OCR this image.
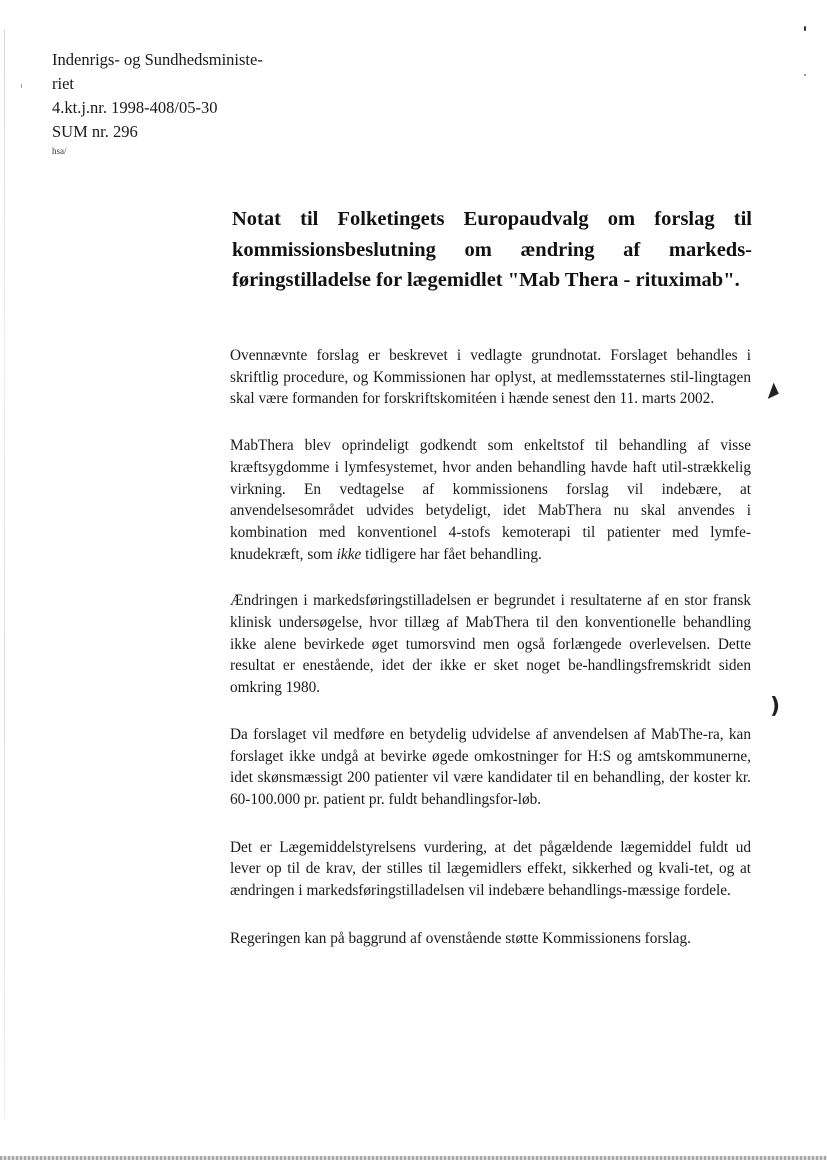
◢
)

Indenrigs- og Sundhedsministe-

riet

4.kt.j.nr. 1998-408/05-30

SUM nr. 296

hsa/
Notat til Folketingets Europaudvalg om forslag til kommissionsbeslutning om ændring af markeds-føringstilladelse for lægemidlet "Mab Thera - rituximab".

Ovennævnte forslag er beskrevet i vedlagte grundnotat. Forslaget behandles i skriftlig procedure, og Kommissionen har oplyst, at medlemsstaternes stil-lingtagen skal være formanden for forskriftskomitéen i hænde senest den 11. marts 2002.

MabThera blev oprindeligt godkendt som enkeltstof til behandling af visse kræftsygdomme i lymfesystemet, hvor anden behandling havde haft util-strækkelig virkning. En vedtagelse af kommissionens forslag vil indebære, at anvendelsesområdet udvides betydeligt, idet MabThera nu skal anvendes i kombination med konventionel 4-stofs kemoterapi til patienter med lymfe-knudekræft, som ikke tidligere har fået behandling.

Ændringen i markedsføringstilladelsen er begrundet i resultaterne af en stor fransk klinisk undersøgelse, hvor tillæg af MabThera til den konventionelle behandling ikke alene bevirkede øget tumorsvind men også forlængede overlevelsen. Dette resultat er enestående, idet der ikke er sket noget be-handlingsfremskridt siden omkring 1980.

Da forslaget vil medføre en betydelig udvidelse af anvendelsen af MabThe-ra, kan forslaget ikke undgå at bevirke øgede omkostninger for H:S og amtskommunerne, idet skønsmæssigt 200 patienter vil være kandidater til en behandling, der koster kr. 60-100.000 pr. patient pr. fuldt behandlingsfor-løb.

Det er Lægemiddelstyrelsens vurdering, at det pågældende lægemiddel fuldt ud lever op til de krav, der stilles til lægemidlers effekt, sikkerhed og kvali-tet, og at ændringen i markedsføringstilladelsen vil indebære behandlings-mæssige fordele.

Regeringen kan på baggrund af ovenstående støtte Kommissionens forslag.
